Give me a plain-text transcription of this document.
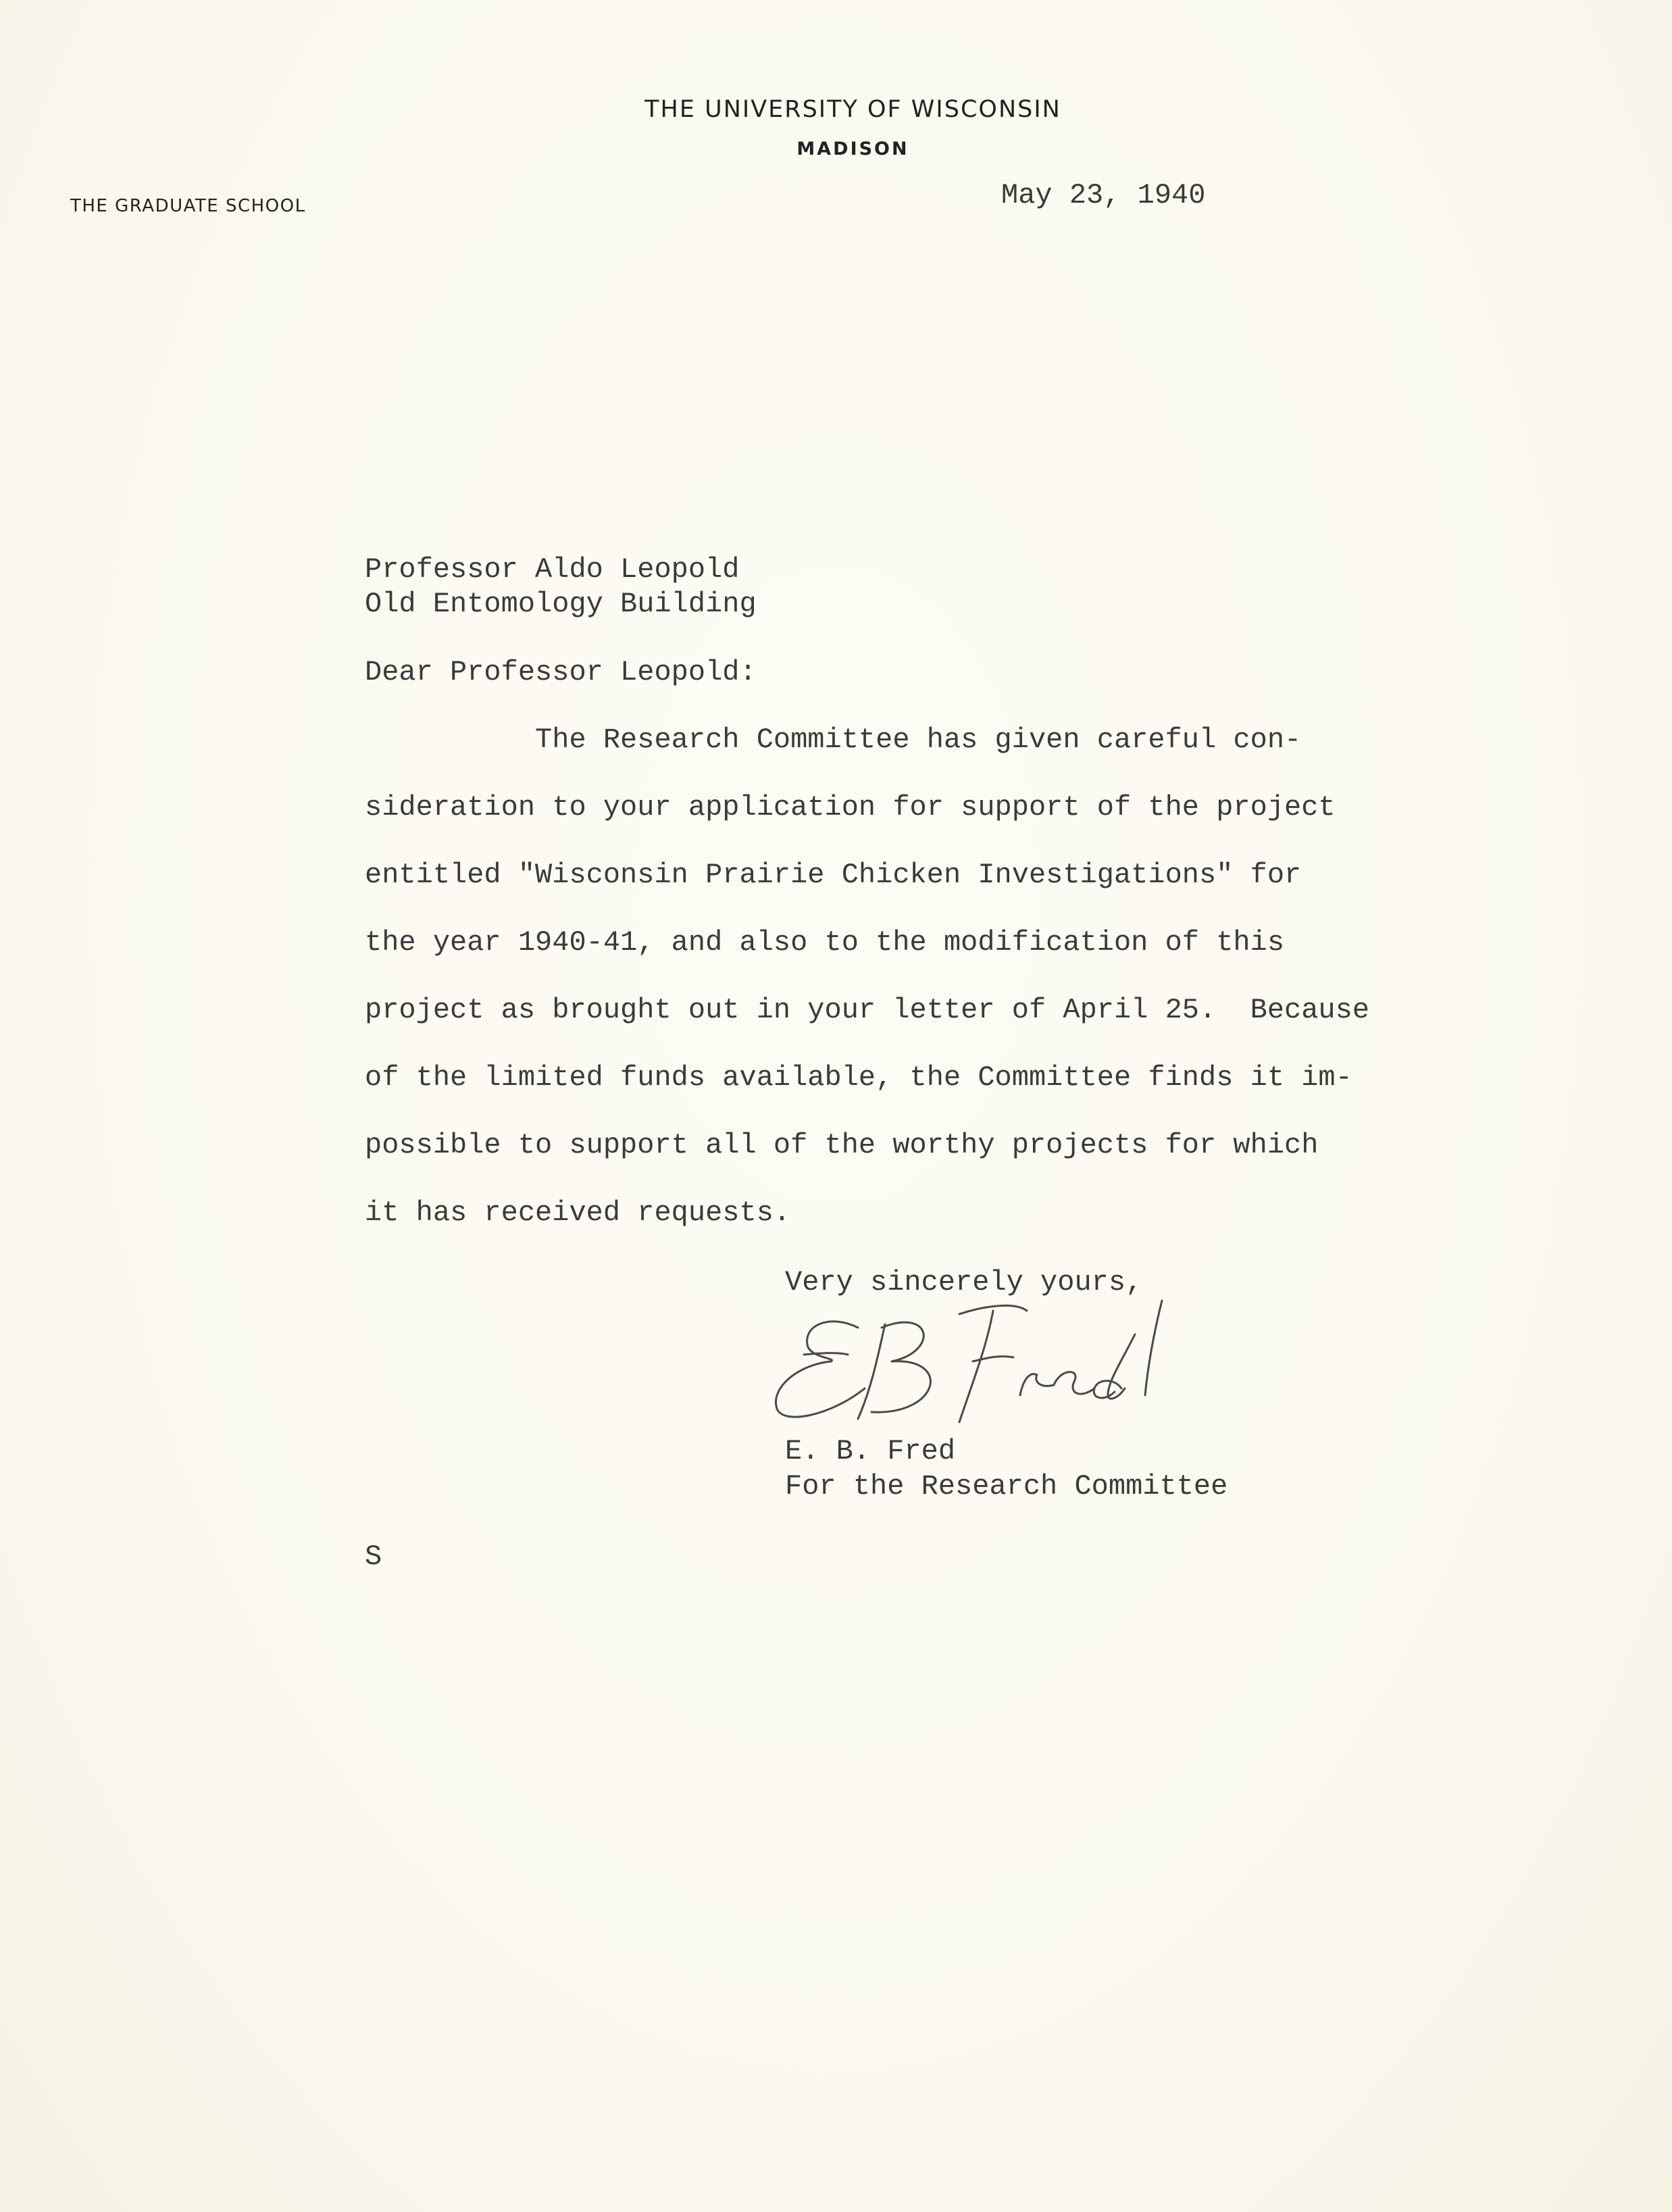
THE UNIVERSITY OF WISCONSIN
MADISON
THE GRADUATE SCHOOL	May 23, 1940
Professor Aldo Leopold
Old Entomology Building
Dear Professor Leopold:
The Research Committee has given careful con-
sideration to your application for support of the project
entitled "Wisconsin Prairie Chicken Investigations" for
the year 1940-41, and also to the modification of this
project as brought out in your letter of April 25.  Because
of the limited funds available, the Committee finds it im-
possible to support all of the worthy projects for which
it has received requests.
Very sincerely yours,
E. B. Fred
For the Research Committee
S
